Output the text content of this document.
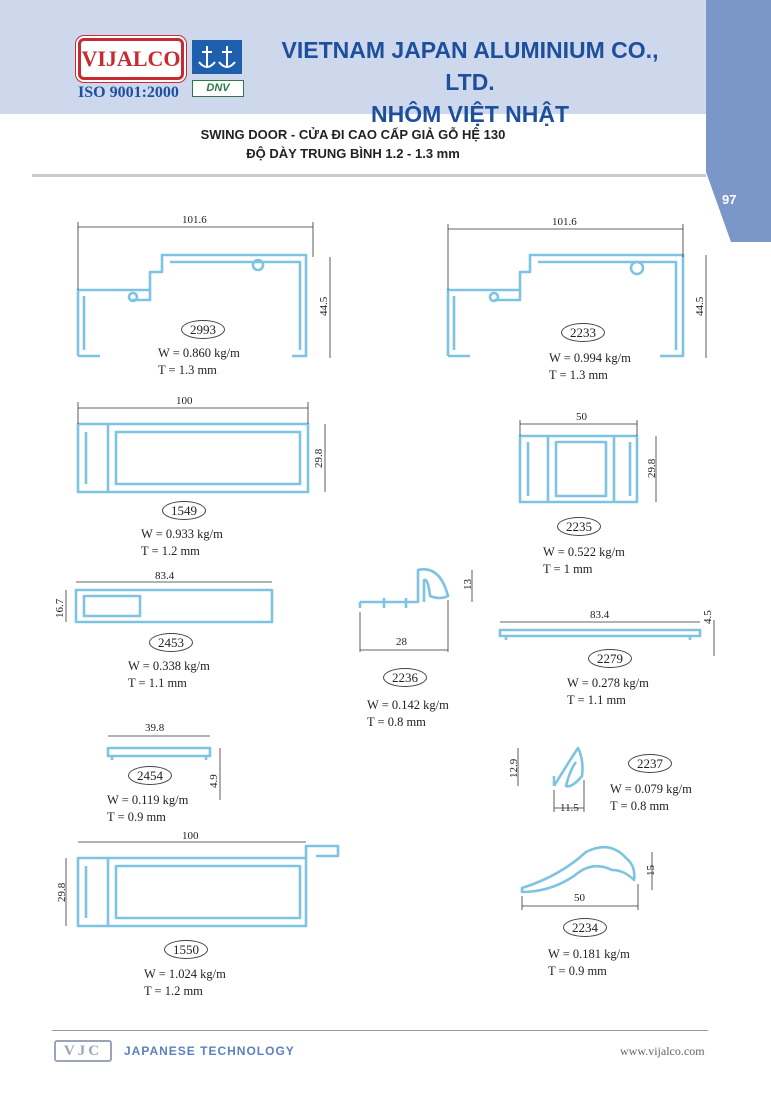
97
VIJALCO
ISO 9001:2000	DNV
VIETNAM JAPAN ALUMINIUM CO., LTD.
NHÔM VIỆT NHẬT
SWING DOOR - CỬA ĐI CAO CẤP GIẢ GỖ HỆ 130
ĐỘ DÀY TRUNG BÌNH 1.2 - 1.3 mm
101.6
44.5
2993
W = 0.860 kg/m
T = 1.3 mm
101.6
44.5
2233
W = 0.994 kg/m
T = 1.3 mm
100
29.8
1549
W = 0.933 kg/m
T = 1.2 mm
50
29.8
2235
W = 0.522 kg/m
T = 1 mm
83.4
16.7
2453
W = 0.338 kg/m
T = 1.1 mm
28
13
2236
W = 0.142 kg/m
T = 0.8 mm
83.4	4.5
2279
W = 0.278 kg/m
T = 1.1 mm
39.8
4.9
2454
W = 0.119 kg/m
T = 0.9 mm
12.9
11.5
2237
W = 0.079 kg/m
T = 0.8 mm
100
29.8
1550
W = 1.024 kg/m
T = 1.2 mm
50
15
2234
W = 0.181 kg/m
T = 0.9 mm
VJC	JAPANESE TECHNOLOGY	www.vijalco.com
